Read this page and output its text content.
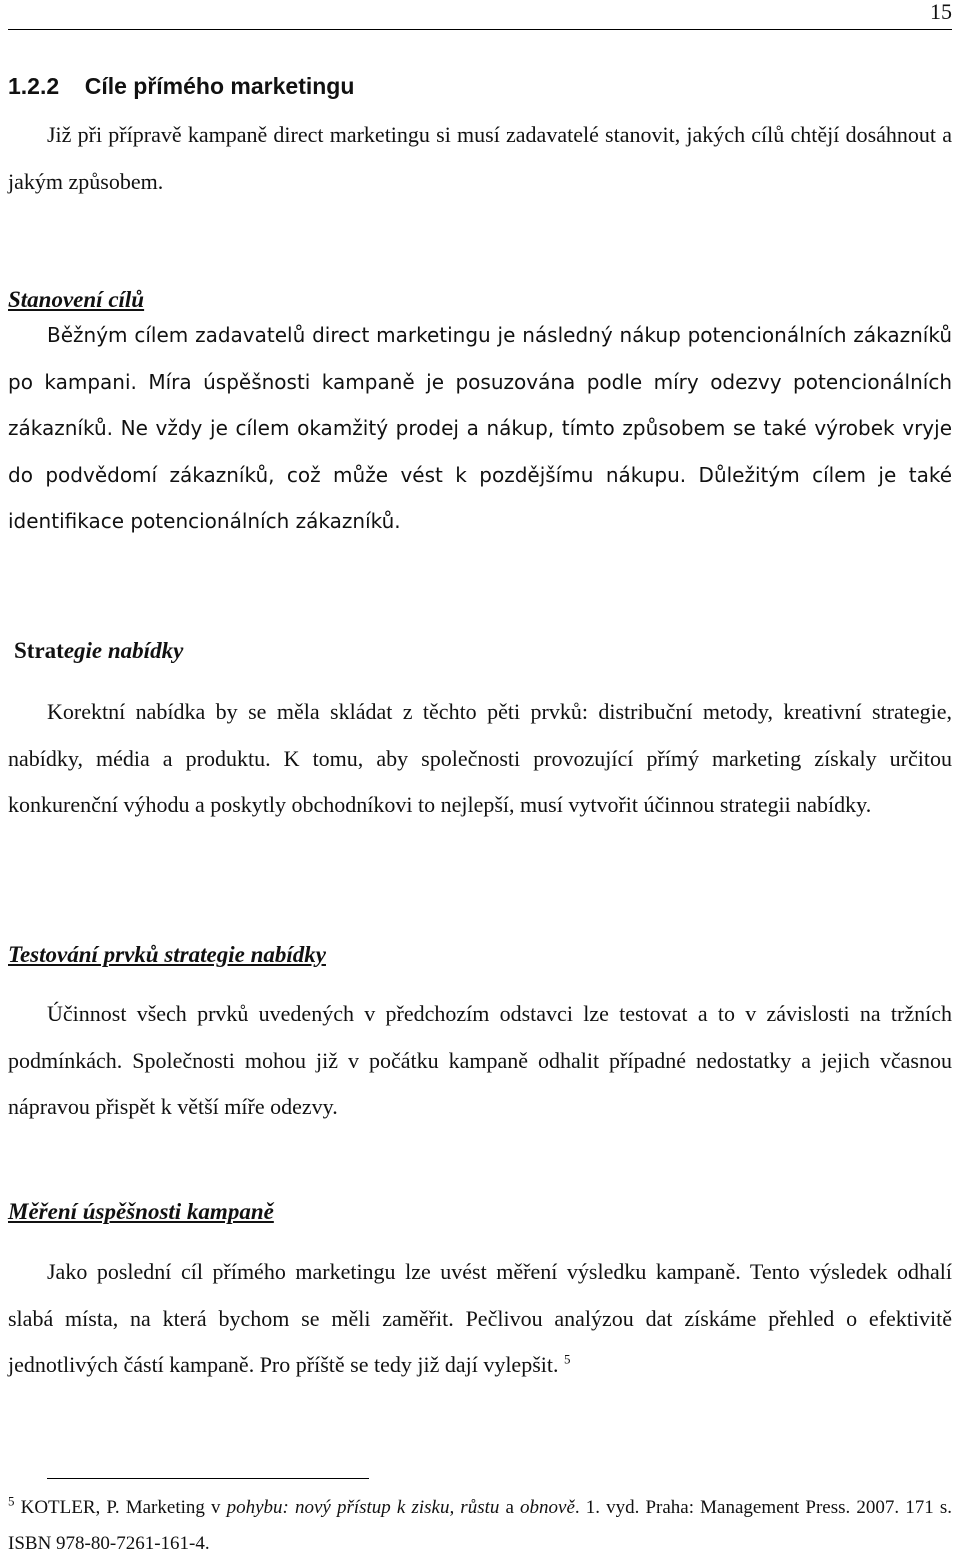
15
1.2.2 Cíle přímého marketingu

Již při přípravě kampaně direct marketingu si musí zadavatelé stanovit, jakých cílů chtějí dosáhnout a jakým způsobem.

Stanovení cílů

Běžným cílem zadavatelů direct marketingu je následný nákup potencionálních zákazníků po kampani. Míra úspěšnosti kampaně je posuzována podle míry odezvy potencionálních zákazníků. Ne vždy je cílem okamžitý prodej a nákup, tímto způsobem se také výrobek vryje do podvědomí zákazníků, což může vést k pozdějšímu nákupu. Důležitým cílem je také identifikace potencionálních zákazníků.

Strategie nabídky

Korektní nabídka by se měla skládat z těchto pěti prvků: distribuční metody, kreativní strategie, nabídky, média a produktu. K tomu, aby společnosti provozující přímý marketing získaly určitou konkurenční výhodu a poskytly obchodníkovi to nejlepší, musí vytvořit účinnou strategii nabídky.

Testování prvků strategie nabídky

Účinnost všech prvků uvedených v předchozím odstavci lze testovat a to v závislosti na tržních podmínkách. Společnosti mohou již v počátku kampaně odhalit případné nedostatky a jejich včasnou nápravou přispět k větší míře odezvy.

Měření úspěšnosti kampaně

Jako poslední cíl přímého marketingu lze uvést měření výsledku kampaně. Tento výsledek odhalí slabá místa, na která bychom se měli zaměřit. Pečlivou analýzou dat získáme přehled o efektivitě jednotlivých částí kampaně. Pro příště se tedy již dají vylepšit. $^5$

$^5$ KOTLER, P. Marketing v pohybu: nový přístup k zisku, růstu a obnově. 1. vyd. Praha: Management Press. 2007. 171 s. ISBN 978-80-7261-161-4.
